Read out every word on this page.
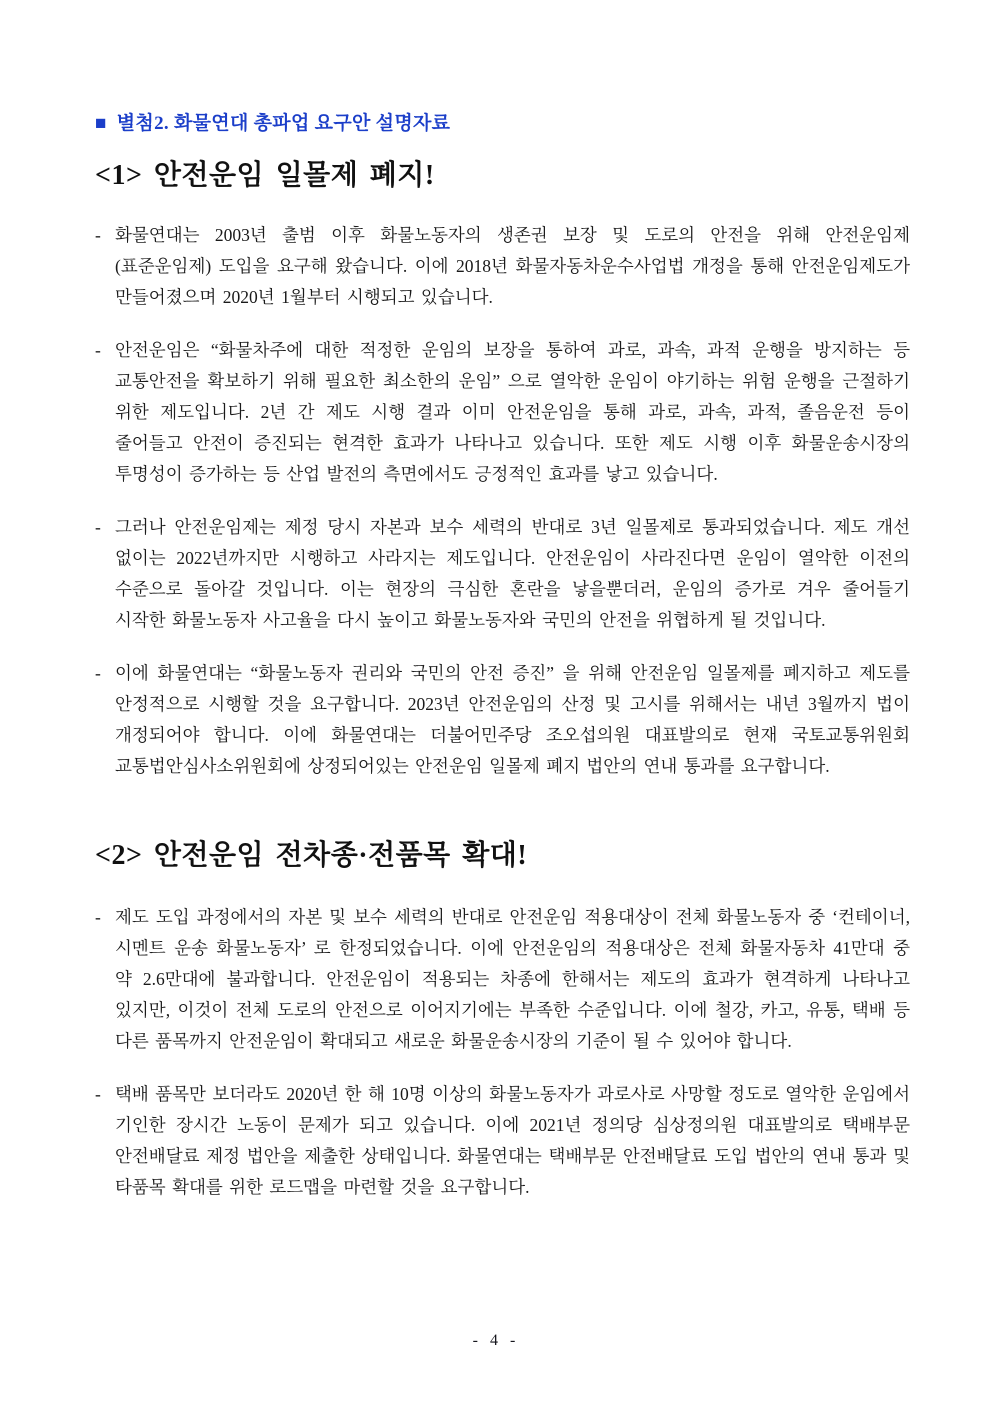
■ 별첨2. 화물연대 총파업 요구안 설명자료
<1> 안전운임 일몰제 폐지!
- 화물연대는 2003년 출범 이후 화물노동자의 생존권 보장 및 도로의 안전을 위해 안전운임제 (표준운임제) 도입을 요구해 왔습니다. 이에 2018년 화물자동차운수사업법 개정을 통해 안전운임제도가 만들어졌으며 2020년 1월부터 시행되고 있습니다.
- 안전운임은 “화물차주에 대한 적정한 운임의 보장을 통하여 과로, 과속, 과적 운행을 방지하는 등 교통안전을 확보하기 위해 필요한 최소한의 운임” 으로 열악한 운임이 야기하는 위험 운행을 근절하기 위한 제도입니다. 2년 간 제도 시행 결과 이미 안전운임을 통해 과로, 과속, 과적, 졸음운전 등이 줄어들고 안전이 증진되는 현격한 효과가 나타나고 있습니다. 또한 제도 시행 이후 화물운송시장의 투명성이 증가하는 등 산업 발전의 측면에서도 긍정적인 효과를 낳고 있습니다.
- 그러나 안전운임제는 제정 당시 자본과 보수 세력의 반대로 3년 일몰제로 통과되었습니다. 제도 개선 없이는 2022년까지만 시행하고 사라지는 제도입니다. 안전운임이 사라진다면 운임이 열악한 이전의 수준으로 돌아갈 것입니다. 이는 현장의 극심한 혼란을 낳을뿐더러, 운임의 증가로 겨우 줄어들기 시작한 화물노동자 사고율을 다시 높이고 화물노동자와 국민의 안전을 위협하게 될 것입니다.
- 이에 화물연대는 “화물노동자 권리와 국민의 안전 증진” 을 위해 안전운임 일몰제를 폐지하고 제도를 안정적으로 시행할 것을 요구합니다. 2023년 안전운임의 산정 및 고시를 위해서는 내년 3월까지 법이 개정되어야 합니다. 이에 화물연대는 더불어민주당 조오섭의원 대표발의로 현재 국토교통위원회 교통법안심사소위원회에 상정되어있는 안전운임 일몰제 폐지 법안의 연내 통과를 요구합니다.
<2> 안전운임 전차종·전품목 확대!
- 제도 도입 과정에서의 자본 및 보수 세력의 반대로 안전운임 적용대상이 전체 화물노동자 중 ‘컨테이너, 시멘트 운송 화물노동자’ 로 한정되었습니다. 이에 안전운임의 적용대상은 전체 화물자동차 41만대 중 약 2.6만대에 불과합니다. 안전운임이 적용되는 차종에 한해서는 제도의 효과가 현격하게 나타나고 있지만, 이것이 전체 도로의 안전으로 이어지기에는 부족한 수준입니다. 이에 철강, 카고, 유통, 택배 등 다른 품목까지 안전운임이 확대되고 새로운 화물운송시장의 기준이 될 수 있어야 합니다.
- 택배 품목만 보더라도 2020년 한 해 10명 이상의 화물노동자가 과로사로 사망할 정도로 열악한 운임에서 기인한 장시간 노동이 문제가 되고 있습니다. 이에 2021년 정의당 심상정의원 대표발의로 택배부문 안전배달료 제정 법안을 제출한 상태입니다. 화물연대는 택배부문 안전배달료 도입 법안의 연내 통과 및 타품목 확대를 위한 로드맵을 마련할 것을 요구합니다.
- 4 -
